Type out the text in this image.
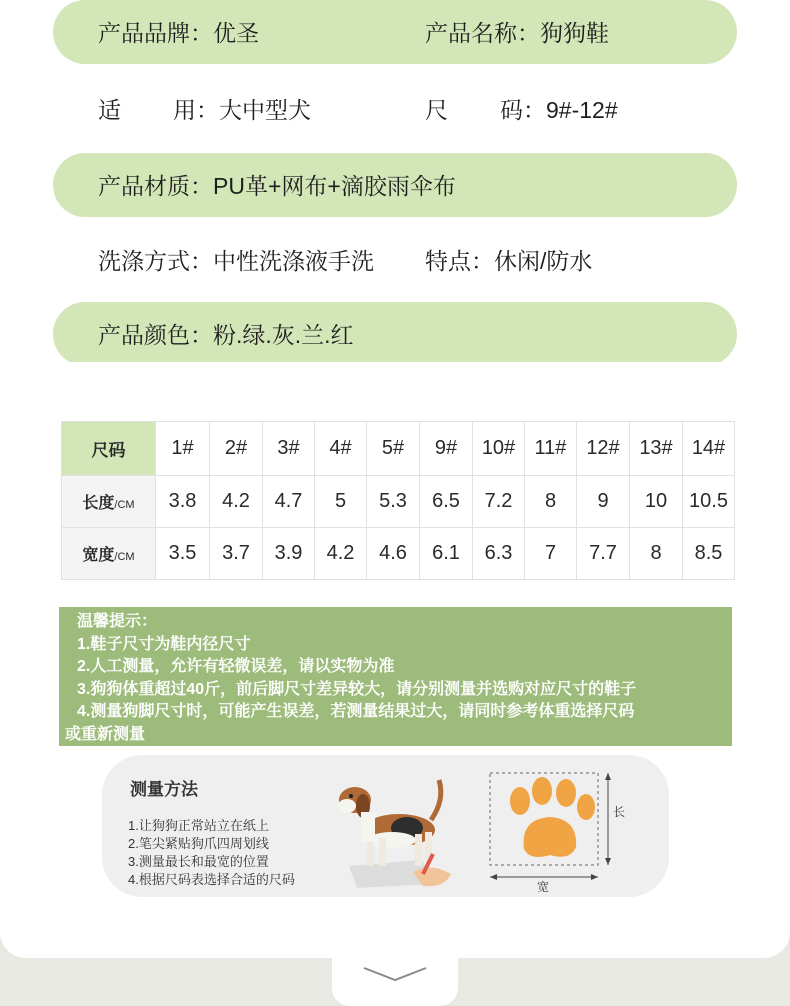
产品品牌：优圣	产品名称：狗狗鞋
适 用：大中型犬	尺 码：9#-12#
产品材质：PU革+网布+滴胶雨伞布
洗涤方式：中性洗涤液手洗 特点：休闲/防水
产品颜色：粉.绿.灰.兰.红
尺码	1#	2#	3#	4#	5#	9#	10#	11#	12#	13#	14#
长度/CM	3.8	4.2	4.7	5	5.3	6.5	7.2	8	9	10	10.5
宽度/CM	3.5	3.7	3.9	4.2	4.6	6.1	6.3	7	7.7	8	8.5
温馨提示：
1.鞋子尺寸为鞋内径尺寸
2.人工测量，允许有轻微误差，请以实物为准
3.狗狗体重超过40斤，前后脚尺寸差异较大，请分别测量并选购对应尺寸的鞋子
4.测量狗脚尺寸时，可能产生误差，若测量结果过大，请同时参考体重选择尺码
或重新测量
测量方法
1.让狗狗正常站立在纸上
2.笔尖紧贴狗爪四周划线
3.测量最长和最宽的位置
4.根据尺码表选择合适的尺码
长
宽
